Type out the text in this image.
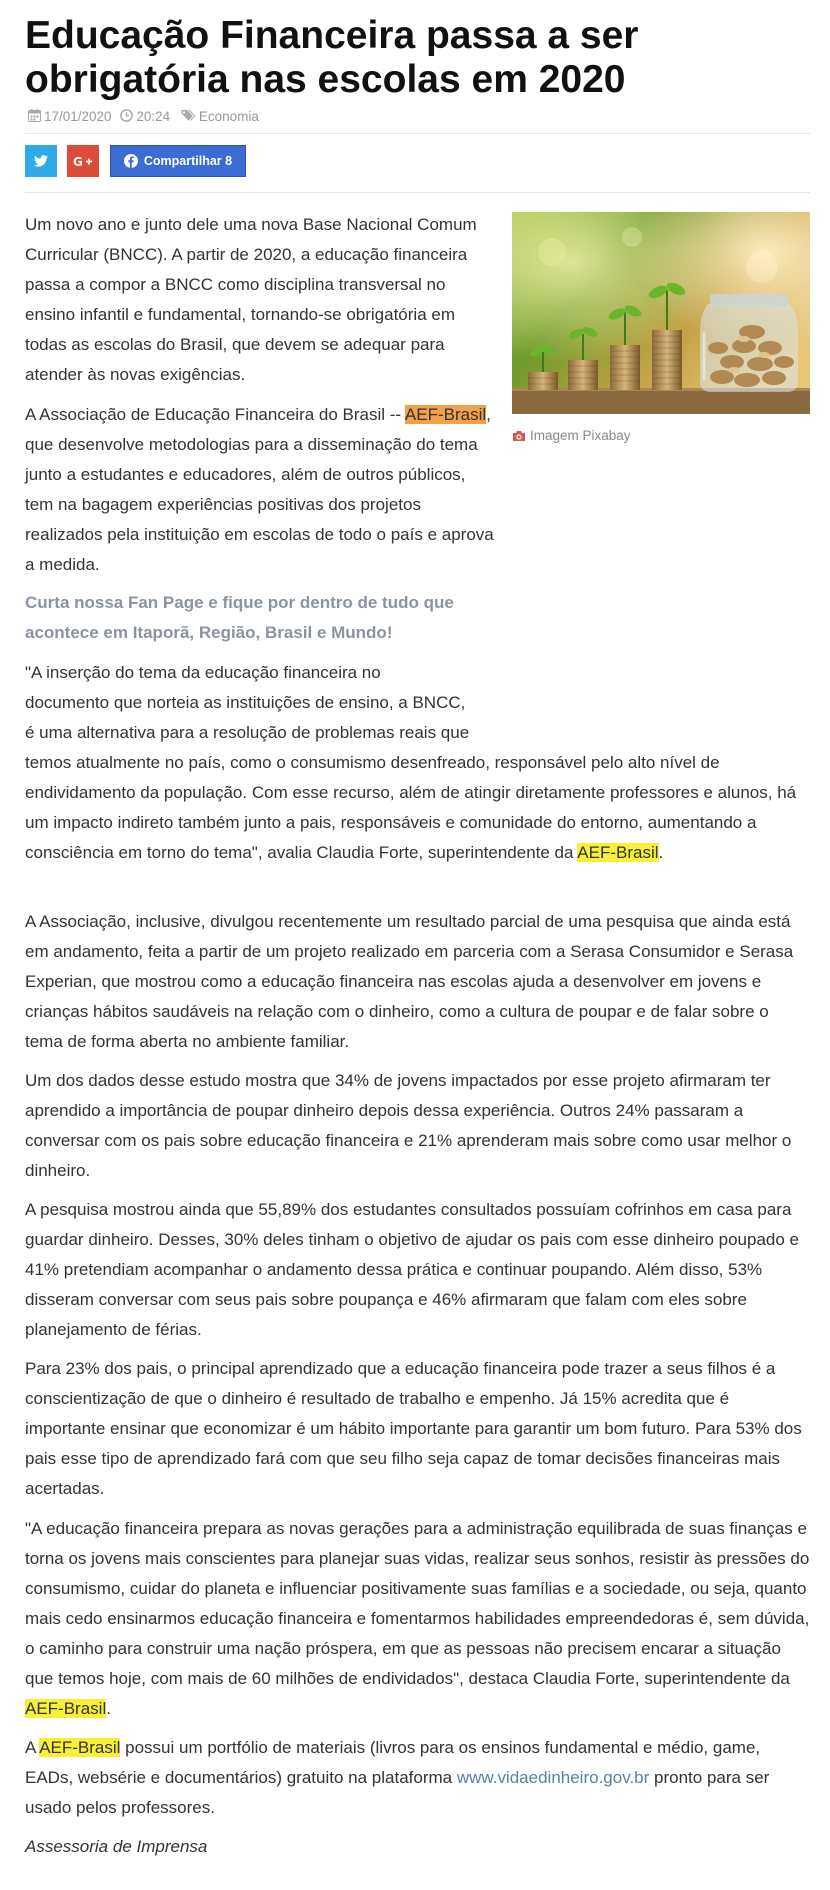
Educação Financeira passa a ser obrigatória nas escolas em 2020
17/01/2020 20:24 Economia
G	Compartilhar
8
Imagem Pixabay

Um novo ano e junto dele uma nova Base Nacional Comum Curricular (BNCC). A partir de 2020, a educação financeira passa a compor a BNCC como disciplina transversal no ensino infantil e fundamental, tornando-se obrigatória em todas as escolas do Brasil, que devem se adequar para atender às novas exigências.

A Associação de Educação Financeira do Brasil -- AEF-Brasil, que desenvolve metodologias para a disseminação do tema junto a estudantes e educadores, além de outros públicos, tem na bagagem experiências positivas dos projetos realizados pela instituição em escolas de todo o país e aprova a medida.

Curta nossa Fan Page e fique por dentro de tudo que acontece em Itaporã, Região, Brasil e Mundo!

"A inserção do tema da educação financeira no
documento que norteia as instituições de ensino, a BNCC,
é uma alternativa para a resolução de problemas reais que
temos atualmente no país, como o consumismo desenfreado, responsável pelo alto nível de endividamento da população. Com esse recurso, além de atingir diretamente professores e alunos, há um impacto indireto também junto a pais, responsáveis e comunidade do entorno, aumentando a consciência em torno do tema", avalia Claudia Forte, superintendente da AEF-Brasil.

A Associação, inclusive, divulgou recentemente um resultado parcial de uma pesquisa que ainda está em andamento, feita a partir de um projeto realizado em parceria com a Serasa Consumidor e Serasa Experian, que mostrou como a educação financeira nas escolas ajuda a desenvolver em jovens e crianças hábitos saudáveis na relação com o dinheiro, como a cultura de poupar e de falar sobre o tema de forma aberta no ambiente familiar.

Um dos dados desse estudo mostra que 34% de jovens impactados por esse projeto afirmaram ter aprendido a importância de poupar dinheiro depois dessa experiência. Outros 24% passaram a conversar com os pais sobre educação financeira e 21% aprenderam mais sobre como usar melhor o dinheiro.

A pesquisa mostrou ainda que 55,89% dos estudantes consultados possuíam cofrinhos em casa para guardar dinheiro. Desses, 30% deles tinham o objetivo de ajudar os pais com esse dinheiro poupado e 41% pretendiam acompanhar o andamento dessa prática e continuar poupando. Além disso, 53% disseram conversar com seus pais sobre poupança e 46% afirmaram que falam com eles sobre planejamento de férias.

Para 23% dos pais, o principal aprendizado que a educação financeira pode trazer a seus filhos é a conscientização de que o dinheiro é resultado de trabalho e empenho. Já 15% acredita que é importante ensinar que economizar é um hábito importante para garantir um bom futuro. Para 53% dos pais esse tipo de aprendizado fará com que seu filho seja capaz de tomar decisões financeiras mais acertadas.

"A educação financeira prepara as novas gerações para a administração equilibrada de suas finanças e torna os jovens mais conscientes para planejar suas vidas, realizar seus sonhos, resistir às pressões do consumismo, cuidar do planeta e influenciar positivamente suas famílias e a sociedade, ou seja, quanto mais cedo ensinarmos educação financeira e fomentarmos habilidades empreendedoras é, sem dúvida, o caminho para construir uma nação próspera, em que as pessoas não precisem encarar a situação que temos hoje, com mais de 60 milhões de endividados", destaca Claudia Forte, superintendente da AEF-Brasil.

A AEF-Brasil possui um portfólio de materiais (livros para os ensinos fundamental e médio, game, EADs, websérie e documentários) gratuito na plataforma www.vidaedinheiro.gov.br pronto para ser usado pelos professores.

Assessoria de Imprensa
